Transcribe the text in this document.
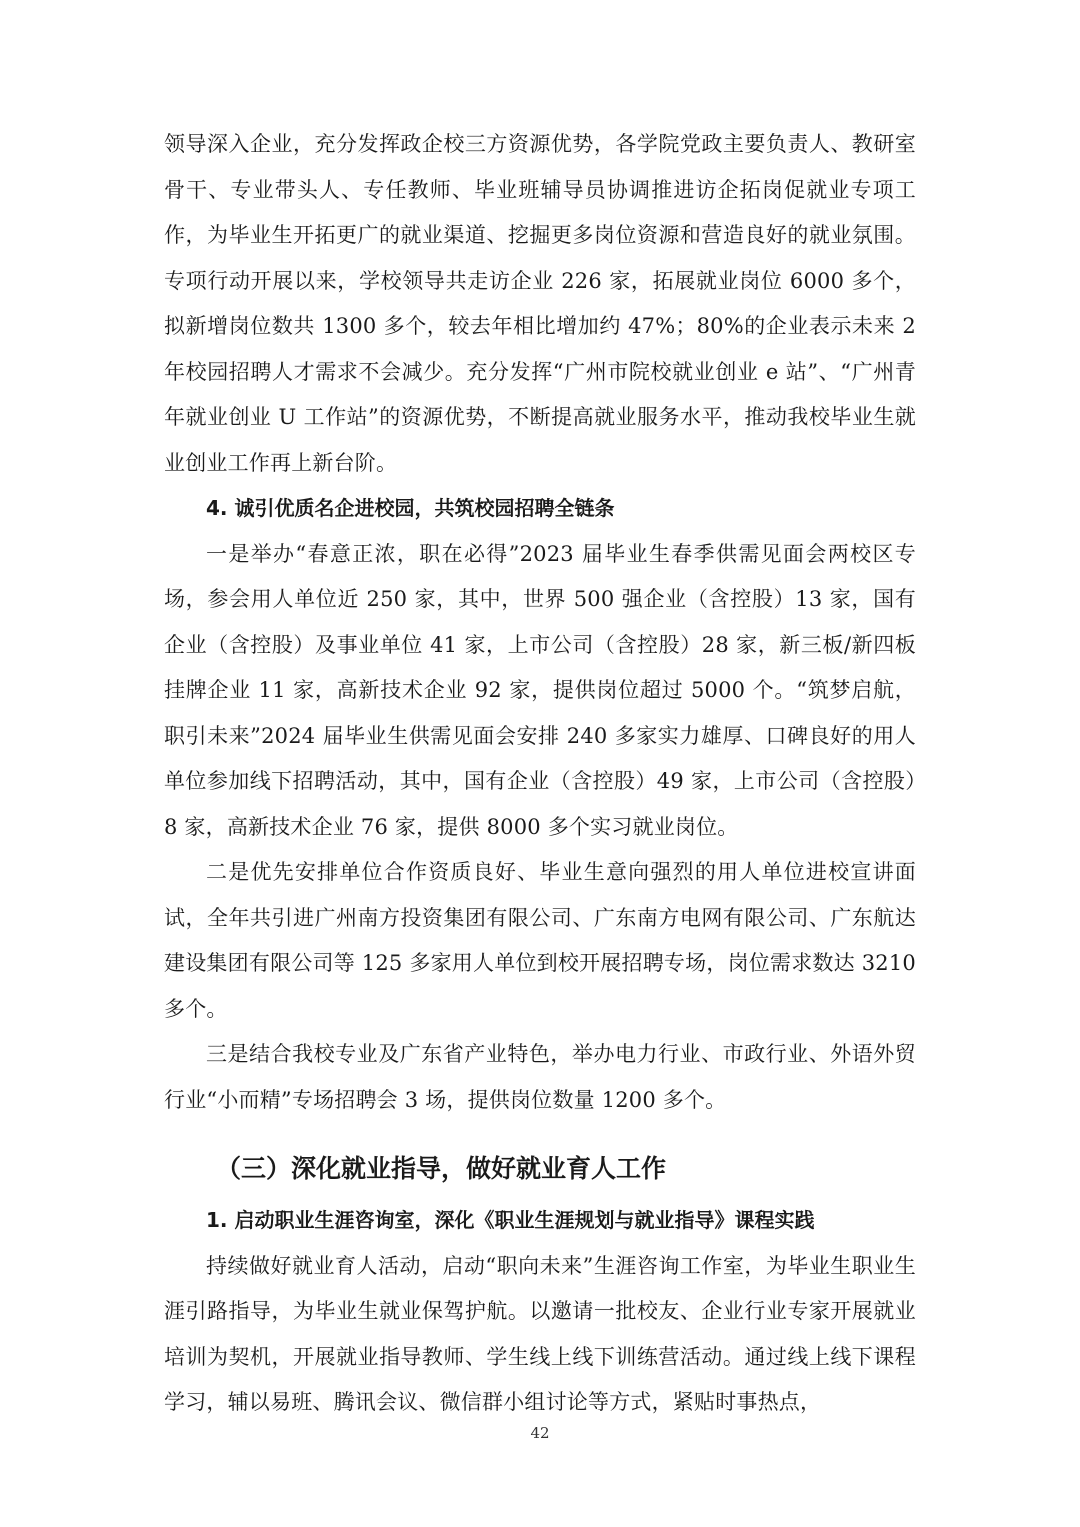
领导深入企业，充分发挥政企校三方资源优势，各学院党政主要负责人、教研室骨干、专业带头人、专任教师、毕业班辅导员协调推进访企拓岗促就业专项工作，为毕业生开拓更广的就业渠道、挖掘更多岗位资源和营造良好的就业氛围。专项行动开展以来，学校领导共走访企业 226 家，拓展就业岗位 6000 多个，拟新增岗位数共 1300 多个，较去年相比增加约 47%；80%的企业表示未来 2 年校园招聘人才需求不会减少。充分发挥“广州市院校就业创业 e 站”、“广州青年就业创业 U 工作站”的资源优势，不断提高就业服务水平，推动我校毕业生就业创业工作再上新台阶。

4. 诚引优质名企进校园，共筑校园招聘全链条

一是举办“春意正浓，职在必得”2023 届毕业生春季供需见面会两校区专场，参会用人单位近 250 家，其中，世界 500 强企业（含控股）13 家，国有企业（含控股）及事业单位 41 家，上市公司（含控股）28 家，新三板/新四板挂牌企业 11 家，高新技术企业 92 家，提供岗位超过 5000 个。“筑梦启航，职引未来”2024 届毕业生供需见面会安排 240 多家实力雄厚、口碑良好的用人单位参加线下招聘活动，其中，国有企业（含控股）49 家，上市公司（含控股）8 家，高新技术企业 76 家，提供 8000 多个实习就业岗位。

二是优先安排单位合作资质良好、毕业生意向强烈的用人单位进校宣讲面试，全年共引进广州南方投资集团有限公司、广东南方电网有限公司、广东航达建设集团有限公司等 125 多家用人单位到校开展招聘专场，岗位需求数达 3210 多个。

三是结合我校专业及广东省产业特色，举办电力行业、市政行业、外语外贸行业“小而精”专场招聘会 3 场，提供岗位数量 1200 多个。

（三）深化就业指导，做好就业育人工作

1. 启动职业生涯咨询室，深化《职业生涯规划与就业指导》课程实践

持续做好就业育人活动，启动“职向未来”生涯咨询工作室，为毕业生职业生涯引路指导，为毕业生就业保驾护航。以邀请一批校友、企业行业专家开展就业培训为契机，开展就业指导教师、学生线上线下训练营活动。通过线上线下课程学习，辅以易班、腾讯会议、微信群小组讨论等方式，紧贴时事热点，

42
